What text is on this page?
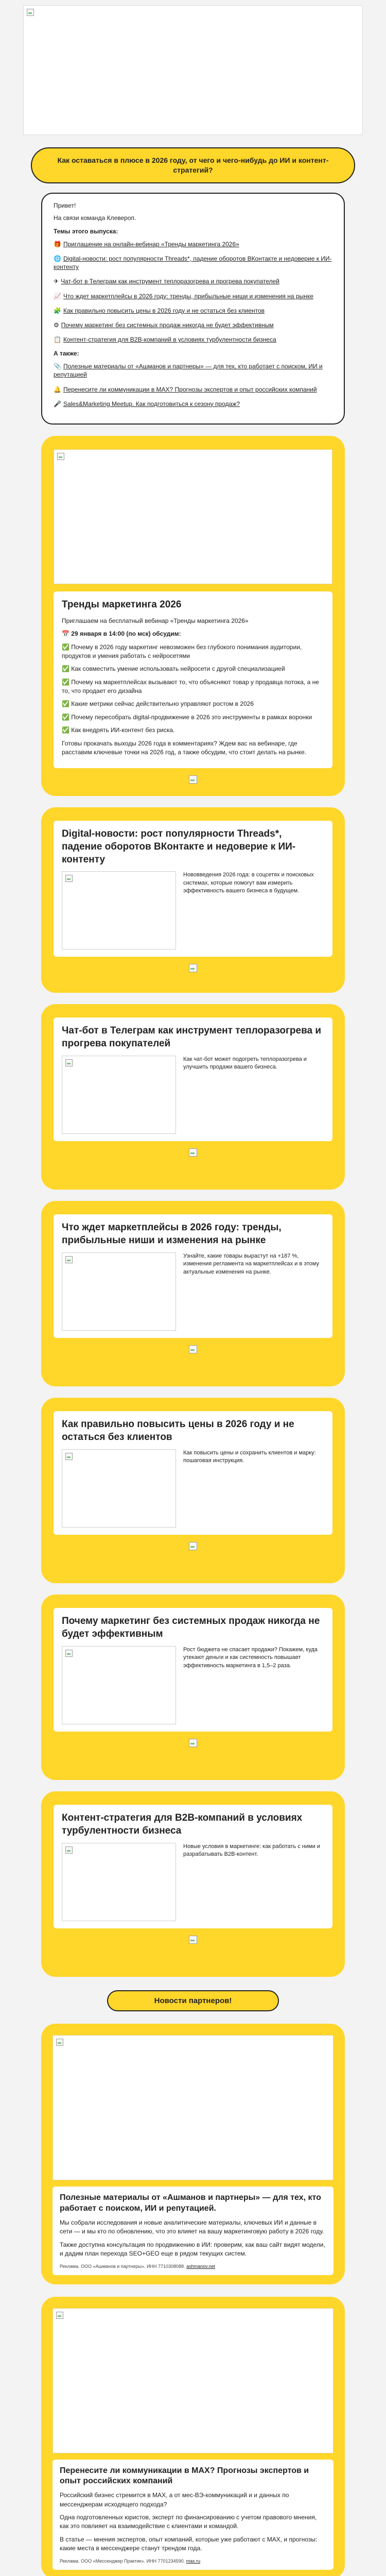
Как оставаться в плюсе в 2026 году, от чего и чего-нибудь до ИИ и контент-стратегий?

Привет!

На связи команда Клевероп.

Темы этого выпуска:
🎁 Приглашение на онлайн-вебинар «Тренды маркетинга 2026»
🌐 Digital-новости: рост популярности Threads*, падение оборотов ВКонтакте и недоверие к ИИ-контенту
✈ Чат-бот в Телеграм как инструмент теплоразогрева и прогрева покупателей
📈 Что ждет маркетплейсы в 2026 году: тренды, прибыльные ниши и изменения на рынке
🧩 Как правильно повысить цены в 2026 году и не остаться без клиентов
⚙ Почему маркетинг без системных продаж никогда не будет эффективным
📋 Контент-стратегия для B2B-компаний в условиях турбулентности бизнеса
А также:
📎 Полезные материалы от «Ашманов и партнеры» — для тех, кто работает с поиском, ИИ и репутацией
🔔 Перенесите ли коммуникации в MAX? Прогнозы экспертов и опыт российских компаний
🎤 Sales&Marketing Meetup. Как подготовиться к сезону продаж?
Тренды маркетинга 2026

Приглашаем на бесплатный вебинар «Тренды маркетинга 2026»

📅 29 января в 14:00 (по мск) обсудим:

✅ Почему в 2026 году маркетинг невозможен без глубокого понимания аудитории, продуктов и умения работать с нейросетями

✅ Как совместить умение использовать нейросети с другой специализацией

✅ Почему на маркетплейсах вызывают то, что объясняют товар у продавца потока, а не то, что продает его дизайна

✅ Какие метрики сейчас действительно управляют ростом в 2026

✅ Почему пересобрать digital-продвижение в 2026 это инструменты в рамках воронки

✅ Как внедрять ИИ-контент без риска.

Готовы прокачать выходы 2026 года в комментариях? Ждем вас на вебинаре, где расставим ключевые точки на 2026 год, а также обсудим, что стоит делать на рынке.

Digital-новости: рост популярности Threads*, падение оборотов ВКонтакте и недоверие к ИИ-контенту
Нововведения 2026 года: в соцсетях и поисковых системах, которые помогут вам измерить эффективность вашего бизнеса в будущем.
Чат-бот в Телеграм как инструмент теплоразогрева и прогрева покупателей
Как чат-бот может подогреть теплоразогрева и улучшить продажи вашего бизнеса.
Что ждет маркетплейсы в 2026 году: тренды, прибыльные ниши и изменения на рынке
Узнайте, какие товары вырастут на +187 %, изменения регламента на маркетплейсах и в этому актуальные изменения на рынке.
Как правильно повысить цены в 2026 году и не остаться без клиентов
Как повысить цены и сохранить клиентов и марку: пошаговая инструкция.
Почему маркетинг без системных продаж никогда не будет эффективным
Рост бюджета не спасает продажи? Покажем, куда утекают деньги и как системность повышает эффективность маркетинга в 1,5–2 раза.
Контент-стратегия для B2B-компаний в условиях турбулентности бизнеса
Новые условия в маркетинге: как работать с ними и разрабатывать B2B-контент.
Новости партнеров!
Полезные материалы от «Ашманов и партнеры» — для тех, кто работает с поиском, ИИ и репутацией.

Мы собрали исследования и новые аналитические материалы, ключевых ИИ и данные в сети — и мы кто по обновлению, что это влияет на вашу маркетинговую работу в 2026 году.

Также доступна консультация по продвижению в ИИ: проверим, как ваш сайт видят модели, и дадим план перехода SEO+GEO еще в рядом текущих систем.

Реклама. ООО «Ашманов и партнеры». ИНН 7710308088. ashmanov.net
Перенесите ли коммуникации в MAX? Прогнозы экспертов и опыт российских компаний

Российский бизнес стремится в MAX, а от мес-ВЭ-коммуникаций и и данных по мессенджерам исходящего подхода?

Одна подготовленных юристов, эксперт по финансированию с учетом правового мнения, как это повлияет на взаимодействие с клиентами и командой.

В статье — мнения экспертов, опыт компаний, которые уже работают с MAX, и прогнозы: какие места в мессенджере станут трендом года.

Реклама. ООО «Мессенджер Практик». ИНН 7701234590. max.ru
